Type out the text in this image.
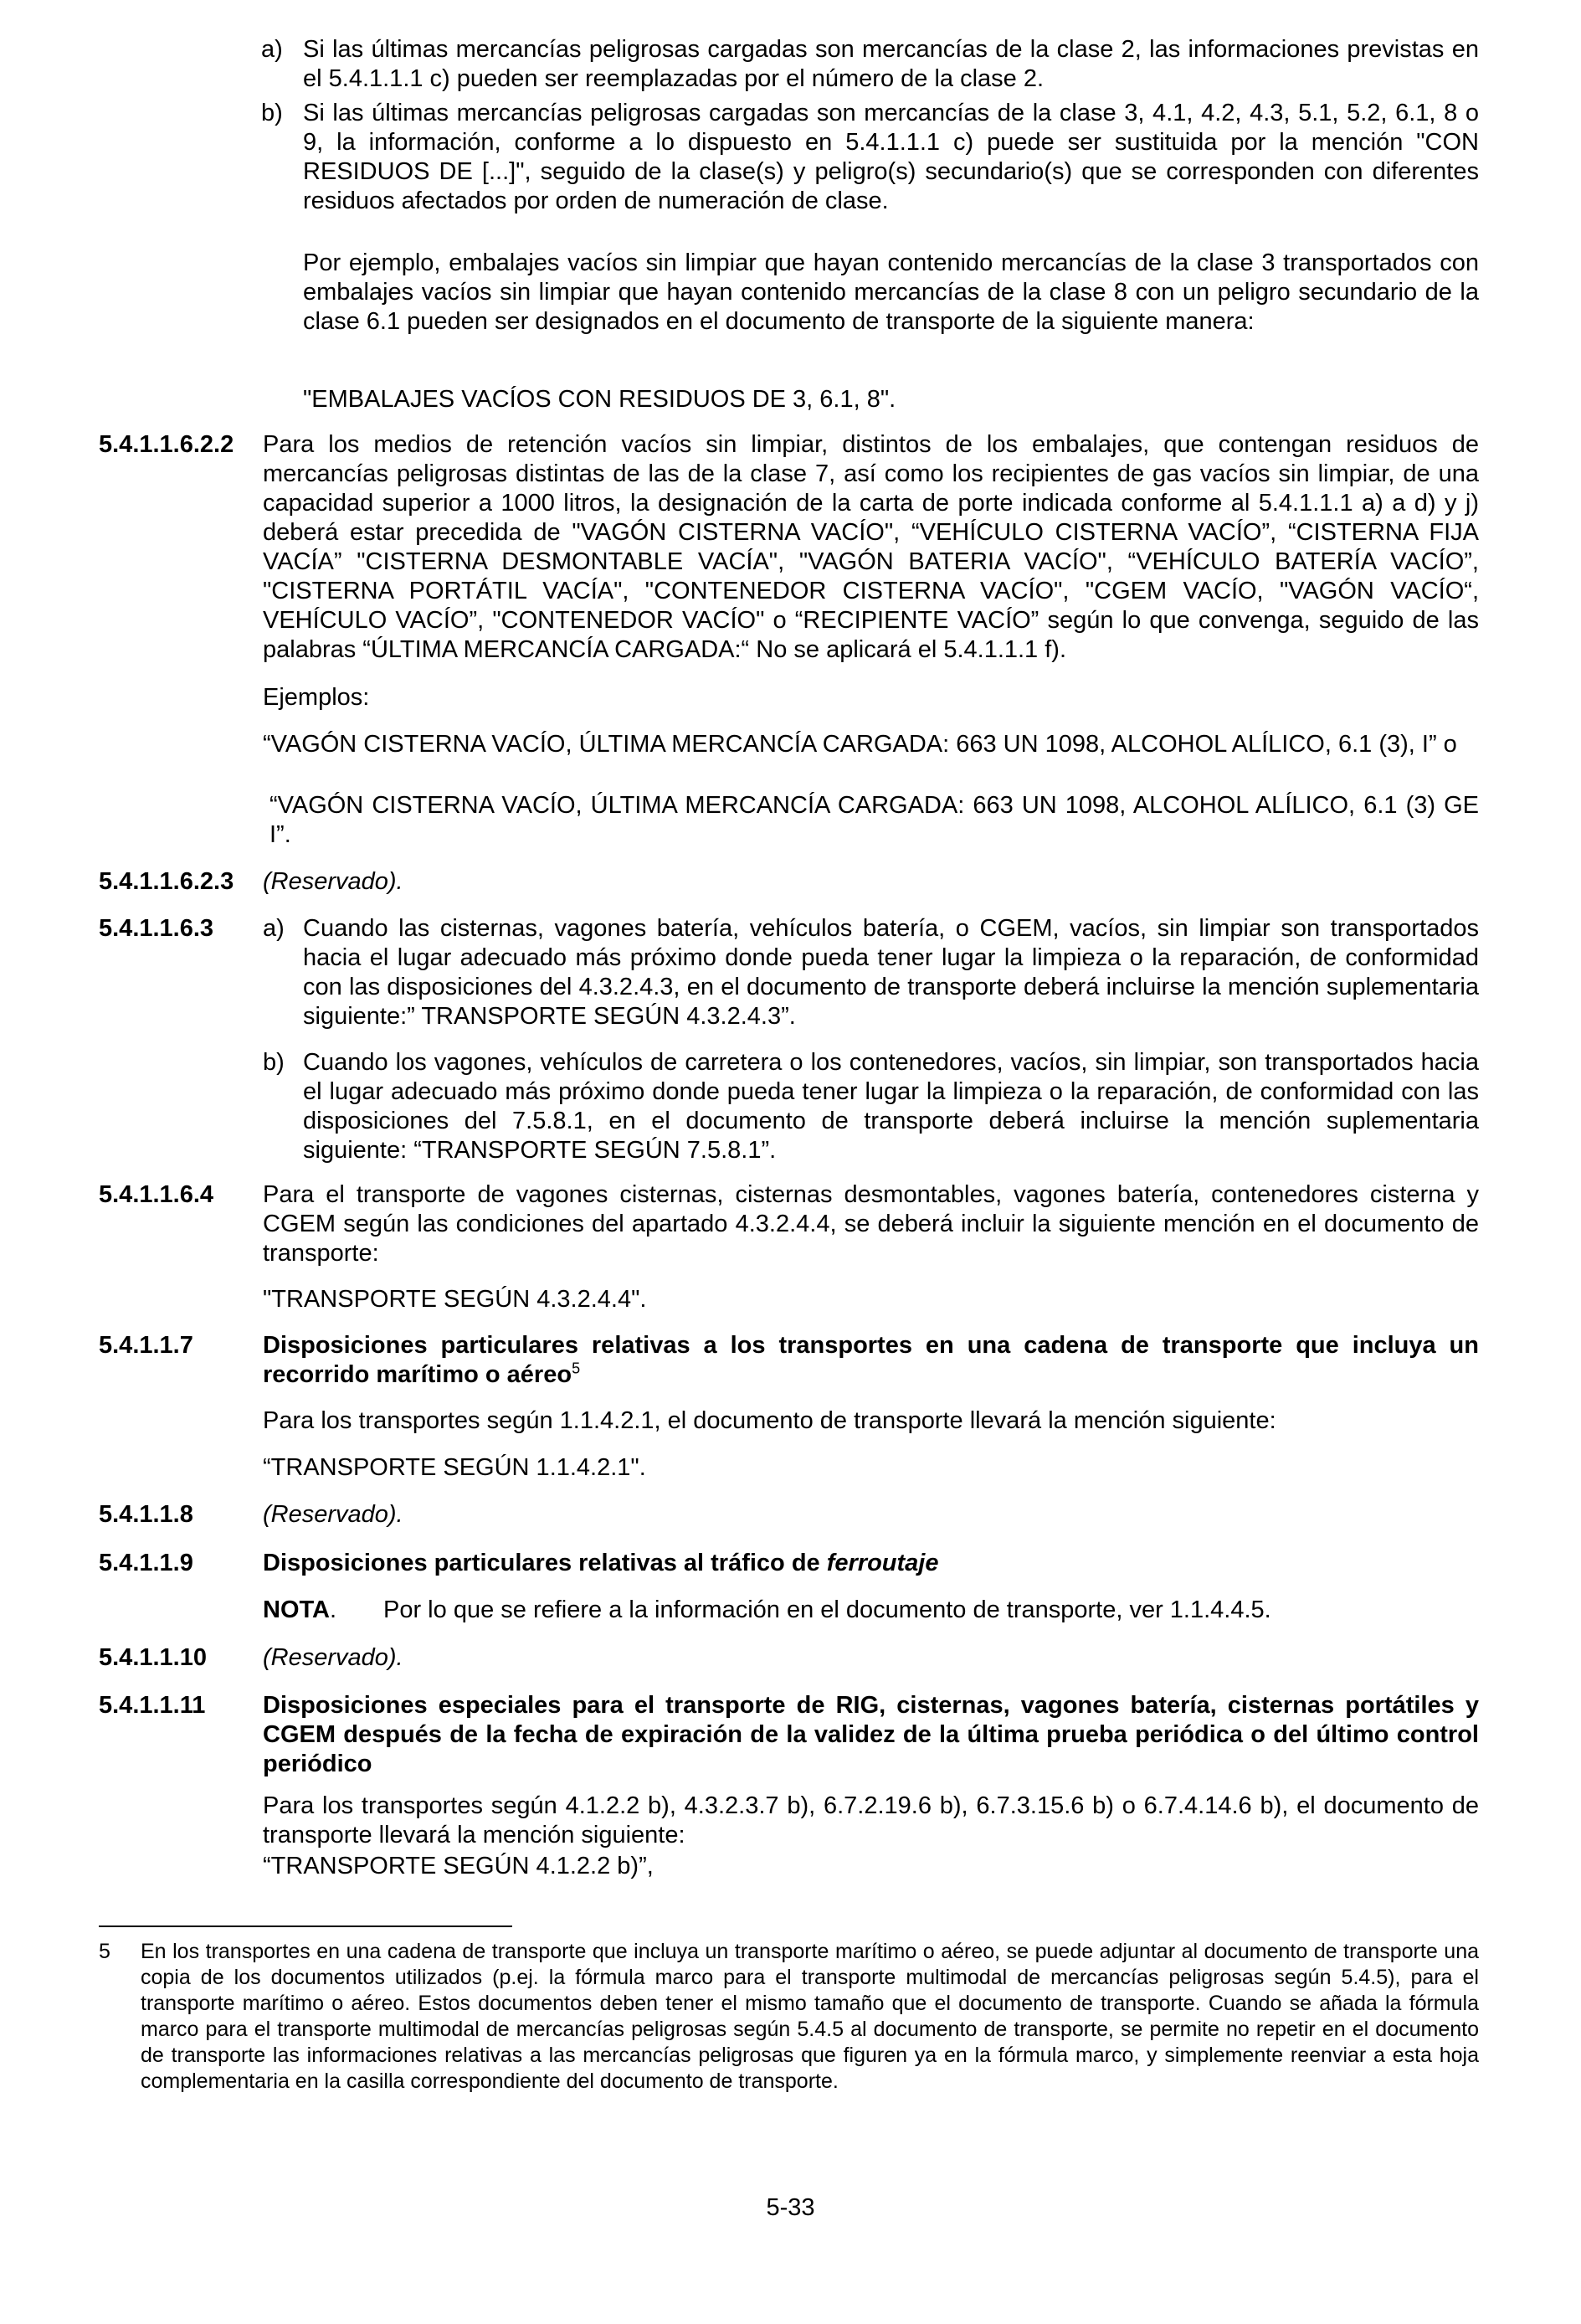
a) Si las últimas mercancías peligrosas cargadas son mercancías de la clase 2, las informaciones previstas en el 5.4.1.1.1 c) pueden ser reemplazadas por el número de la clase 2.
b) Si las últimas mercancías peligrosas cargadas son mercancías de la clase 3, 4.1, 4.2, 4.3, 5.1, 5.2, 6.1, 8 o 9, la información, conforme a lo dispuesto en 5.4.1.1.1 c) puede ser sustituida por la mención "CON RESIDUOS DE [...]", seguido de la clase(s) y peligro(s) secundario(s) que se corresponden con diferentes residuos afectados por orden de numeración de clase.
Por ejemplo, embalajes vacíos sin limpiar que hayan contenido mercancías de la clase 3 transportados con embalajes vacíos sin limpiar que hayan contenido mercancías de la clase 8 con un peligro secundario de la clase 6.1 pueden ser designados en el documento de transporte de la siguiente manera:
"EMBALAJES VACÍOS CON RESIDUOS DE 3, 6.1, 8".
5.4.1.1.6.2.2 Para los medios de retención vacíos sin limpiar, distintos de los embalajes, que contengan residuos de mercancías peligrosas distintas de las de la clase 7, así como los recipientes de gas vacíos sin limpiar, de una capacidad superior a 1000 litros, la designación de la carta de porte indicada conforme al 5.4.1.1.1 a) a d) y j) deberá estar precedida de "VAGÓN CISTERNA VACÍO", “VEHÍCULO CISTERNA VACÍO”, “CISTERNA FIJA VACÍA” "CISTERNA DESMONTABLE VACÍA", "VAGÓN BATERIA VACÍO", “VEHÍCULO BATERÍA VACÍO”, "CISTERNA PORTÁTIL VACÍA", "CONTENEDOR CISTERNA VACÍO", "CGEM VACÍO, "VAGÓN VACÍO“, VEHÍCULO VACÍO”, "CONTENEDOR VACÍO" o “RECIPIENTE VACÍO” según lo que convenga, seguido de las palabras “ÚLTIMA MERCANCÍA CARGADA:“ No se aplicará el 5.4.1.1.1 f).
Ejemplos:
“VAGÓN CISTERNA VACÍO, ÚLTIMA MERCANCÍA CARGADA: 663 UN 1098, ALCOHOL ALÍLICO, 6.1 (3), I” o
“VAGÓN CISTERNA VACÍO, ÚLTIMA MERCANCÍA CARGADA: 663 UN 1098, ALCOHOL ALÍLICO, 6.1 (3) GE I”.
5.4.1.1.6.2.3 (Reservado).
5.4.1.1.6.3 a) Cuando las cisternas, vagones batería, vehículos batería, o CGEM, vacíos, sin limpiar son transportados hacia el lugar adecuado más próximo donde pueda tener lugar la limpieza o la reparación, de conformidad con las disposiciones del 4.3.2.4.3, en el documento de transporte deberá incluirse la mención suplementaria siguiente:” TRANSPORTE SEGÚN 4.3.2.4.3”.
b) Cuando los vagones, vehículos de carretera o los contenedores, vacíos, sin limpiar, son transportados hacia el lugar adecuado más próximo donde pueda tener lugar la limpieza o la reparación, de conformidad con las disposiciones del 7.5.8.1, en el documento de transporte deberá incluirse la mención suplementaria siguiente: “TRANSPORTE SEGÚN 7.5.8.1”.
5.4.1.1.6.4 Para el transporte de vagones cisternas, cisternas desmontables, vagones batería, contenedores cisterna y CGEM según las condiciones del apartado 4.3.2.4.4, se deberá incluir la siguiente mención en el documento de transporte:
"TRANSPORTE SEGÚN 4.3.2.4.4".
5.4.1.1.7	Disposiciones particulares relativas a los transportes en una cadena de transporte que incluya un recorrido marítimo o aéreo$^5$
Para los transportes según 1.1.4.2.1, el documento de transporte llevará la mención siguiente:
“TRANSPORTE SEGÚN 1.1.4.2.1".
5.4.1.1.8	(Reservado).
5.4.1.1.9	Disposiciones particulares relativas al tráfico de ferroutaje
NOTA.	Por lo que se refiere a la información en el documento de transporte, ver 1.1.4.4.5.
5.4.1.1.10 (Reservado).
5.4.1.1.11 Disposiciones especiales para el transporte de RIG, cisternas, vagones batería, cisternas portátiles y CGEM después de la fecha de expiración de la validez de la última prueba periódica o del último control periódico
Para los transportes según 4.1.2.2 b), 4.3.2.3.7 b), 6.7.2.19.6 b), 6.7.3.15.6 b) o 6.7.4.14.6 b), el documento de transporte llevará la mención siguiente:
“TRANSPORTE SEGÚN 4.1.2.2 b)”,
5 En los transportes en una cadena de transporte que incluya un transporte marítimo o aéreo, se puede adjuntar al documento de transporte una copia de los documentos utilizados (p.ej. la fórmula marco para el transporte multimodal de mercancías peligrosas según 5.4.5), para el transporte marítimo o aéreo. Estos documentos deben tener el mismo tamaño que el documento de transporte. Cuando se añada la fórmula marco para el transporte multimodal de mercancías peligrosas según 5.4.5 al documento de transporte, se permite no repetir en el documento de transporte las informaciones relativas a las mercancías peligrosas que figuren ya en la fórmula marco, y simplemente reenviar a esta hoja complementaria en la casilla correspondiente del documento de transporte.
5-33
